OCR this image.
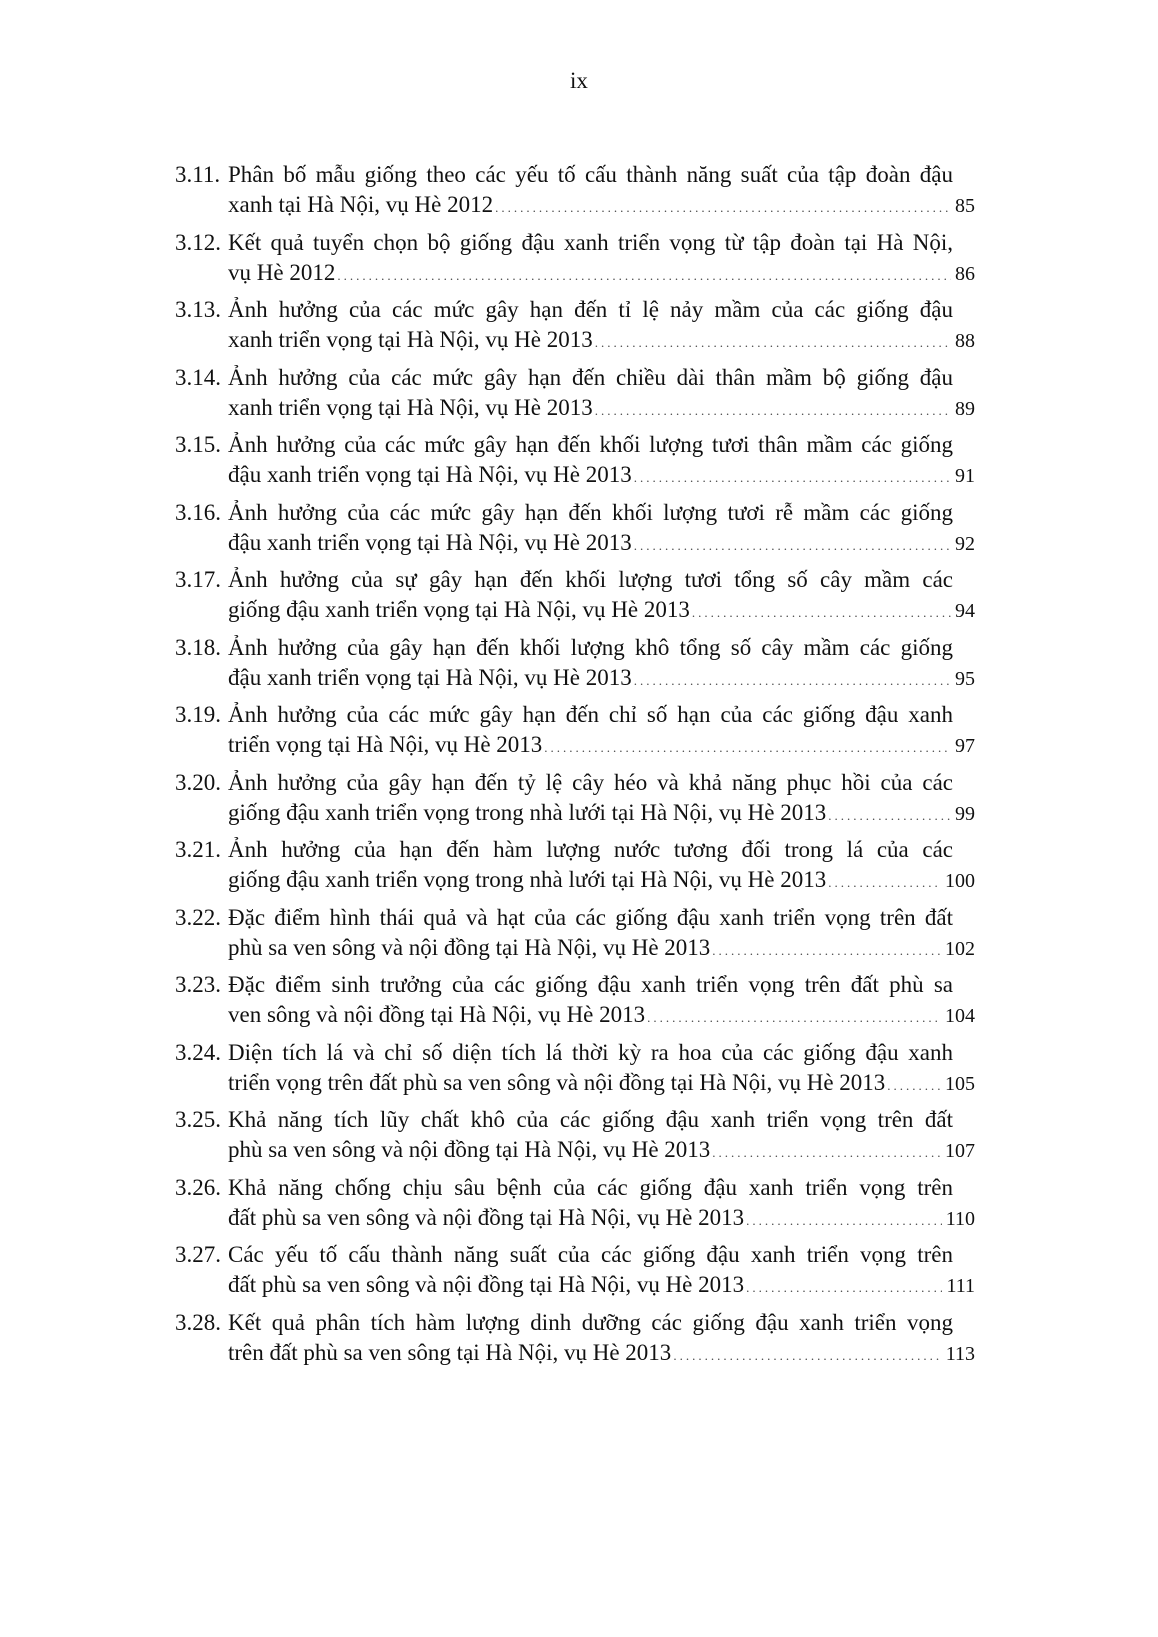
ix
3.11. Phân bố mẫu giống theo các yếu tố cấu thành năng suất của tập đoàn đậu
xanh tại Hà Nội, vụ Hè 2012 .....	85
3.12. Kết quả tuyển chọn bộ giống đậu xanh triển vọng từ tập đoàn tại Hà Nội,
vụ Hè 2012 .....	86
3.13. Ảnh hưởng của các mức gây hạn đến tỉ lệ nảy mầm của các giống đậu
xanh triển vọng tại Hà Nội, vụ Hè 2013 .....	88
3.14. Ảnh hưởng của các mức gây hạn đến chiều dài thân mầm bộ giống đậu
xanh triển vọng tại Hà Nội, vụ Hè 2013 .....	89
3.15. Ảnh hưởng của các mức gây hạn đến khối lượng tươi thân mầm các giống
đậu xanh triển vọng tại Hà Nội, vụ Hè 2013 .....	91
3.16. Ảnh hưởng của các mức gây hạn đến khối lượng tươi rễ mầm các giống
đậu xanh triển vọng tại Hà Nội, vụ Hè 2013 .....	92
3.17. Ảnh hưởng của sự gây hạn đến khối lượng tươi tổng số cây mầm các
giống đậu xanh triển vọng tại Hà Nội, vụ Hè 2013 .....	94
3.18. Ảnh hưởng của gây hạn đến khối lượng khô tổng số cây mầm các giống
đậu xanh triển vọng tại Hà Nội, vụ Hè 2013 .....	95
3.19. Ảnh hưởng của các mức gây hạn đến chỉ số hạn của các giống đậu xanh
triển vọng tại Hà Nội, vụ Hè 2013 .....	97
3.20. Ảnh hưởng của gây hạn đến tỷ lệ cây héo và khả năng phục hồi của các
giống đậu xanh triển vọng trong nhà lưới tại Hà Nội, vụ Hè 2013 .....	99
3.21. Ảnh hưởng của hạn đến hàm lượng nước tương đối trong lá của các
giống đậu xanh triển vọng trong nhà lưới tại Hà Nội, vụ Hè 2013 .....	100
3.22. Đặc điểm hình thái quả và hạt của các giống đậu xanh triển vọng trên đất
phù sa ven sông và nội đồng tại Hà Nội, vụ Hè 2013 .....	102
3.23. Đặc điểm sinh trưởng của các giống đậu xanh triển vọng trên đất phù sa
ven sông và nội đồng tại Hà Nội, vụ Hè 2013 .....	104
3.24. Diện tích lá và chỉ số diện tích lá thời kỳ ra hoa của các giống đậu xanh
triển vọng trên đất phù sa ven sông và nội đồng tại Hà Nội, vụ Hè 2013 .....	105
3.25. Khả năng tích lũy chất khô của các giống đậu xanh triển vọng trên đất
phù sa ven sông và nội đồng tại Hà Nội, vụ Hè 2013 .....	107
3.26. Khả năng chống chịu sâu bệnh của các giống đậu xanh triển vọng trên
đất phù sa ven sông và nội đồng tại Hà Nội, vụ Hè 2013 .....	110
3.27. Các yếu tố cấu thành năng suất của các giống đậu xanh triển vọng trên
đất phù sa ven sông và nội đồng tại Hà Nội, vụ Hè 2013 .....	111
3.28. Kết quả phân tích hàm lượng dinh dưỡng các giống đậu xanh triển vọng
trên đất phù sa ven sông tại Hà Nội, vụ Hè 2013 .....	113
